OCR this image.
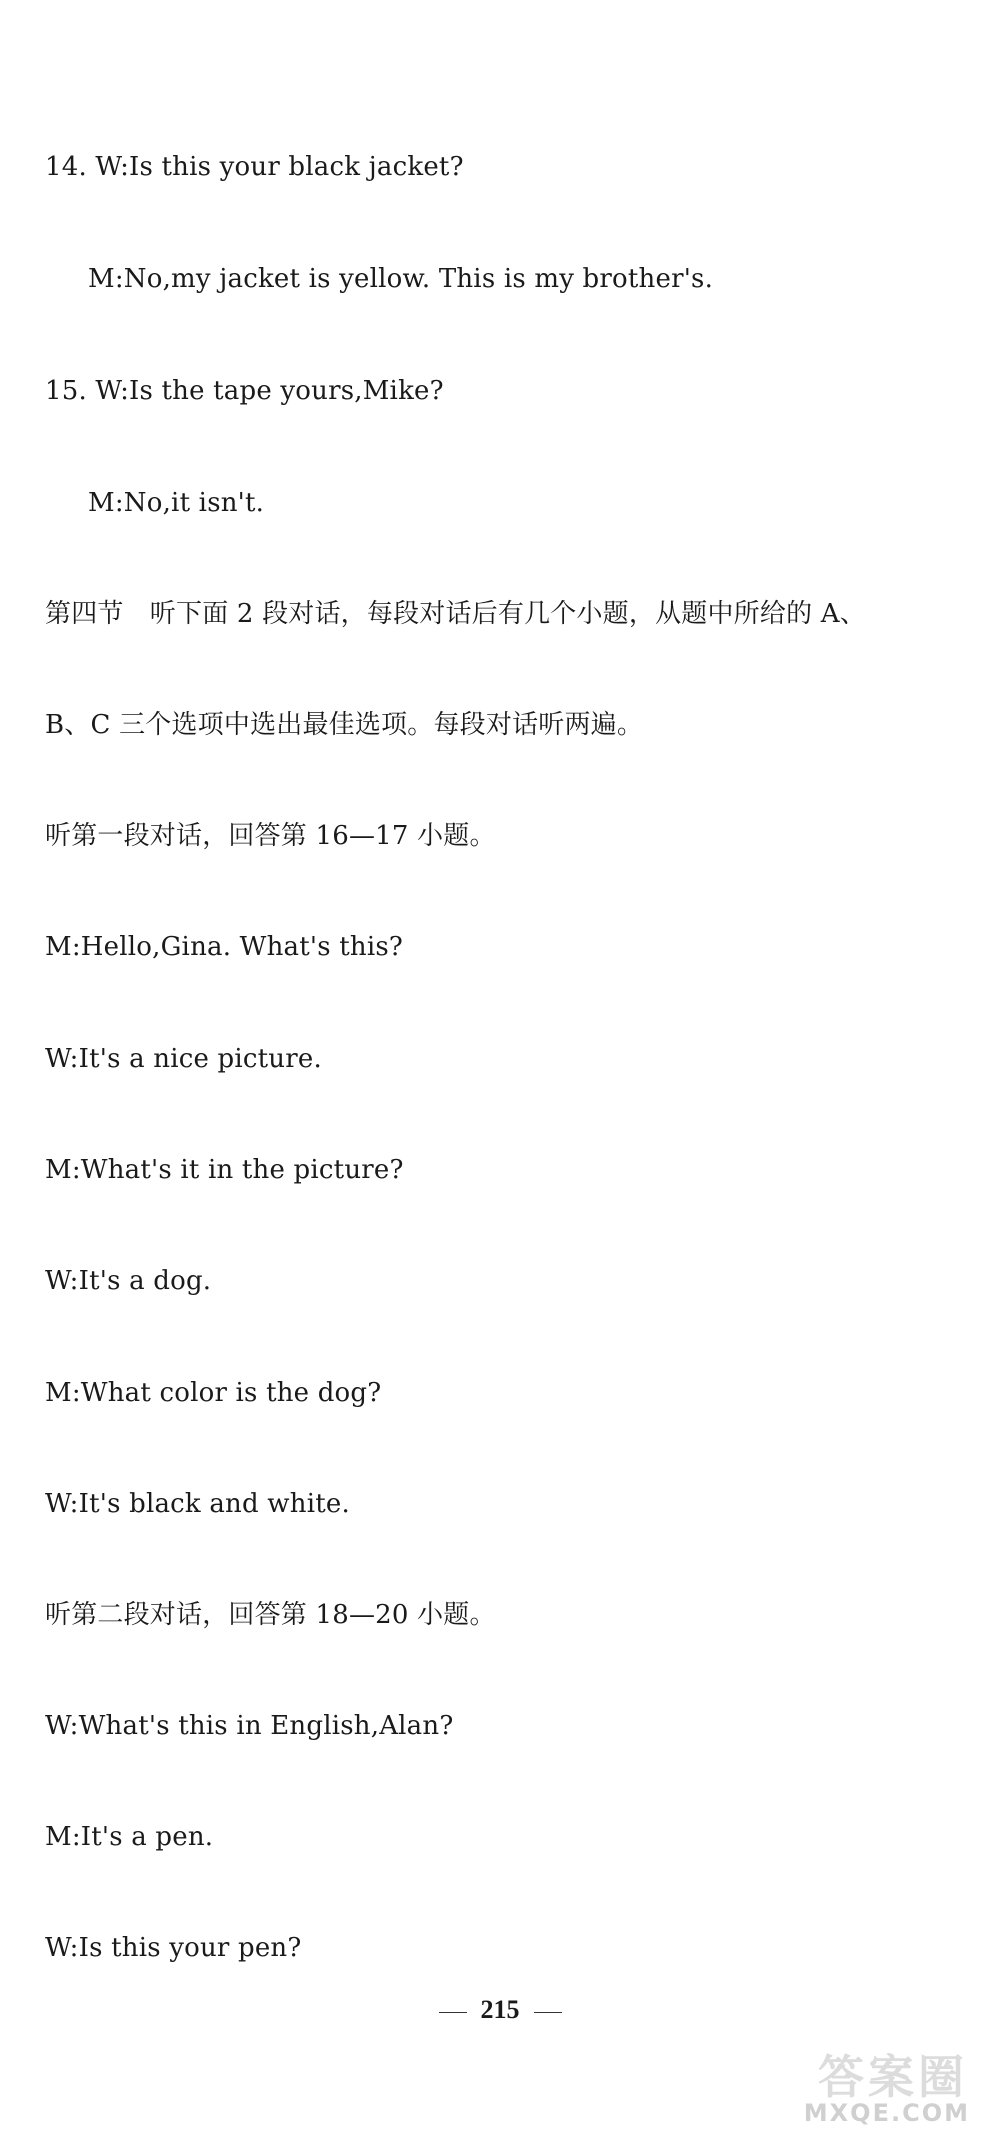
14. W:Is this your black jacket?
M:No,my jacket is yellow. This is my brother's.
15. W:Is the tape yours,Mike?
M:No,it isn't.
第四节　听下面 2 段对话，每段对话后有几个小题，从题中所给的 A、
B、C 三个选项中选出最佳选项。每段对话听两遍。
听第一段对话，回答第 16—17 小题。
M:Hello,Gina. What's this?
W:It's a nice picture.
M:What's it in the picture?
W:It's a dog.
M:What color is the dog?
W:It's black and white.
听第二段对话，回答第 18—20 小题。
W:What's this in English,Alan?
M:It's a pen.
W:Is this your pen?
215
答案圈
MXQE.COM
